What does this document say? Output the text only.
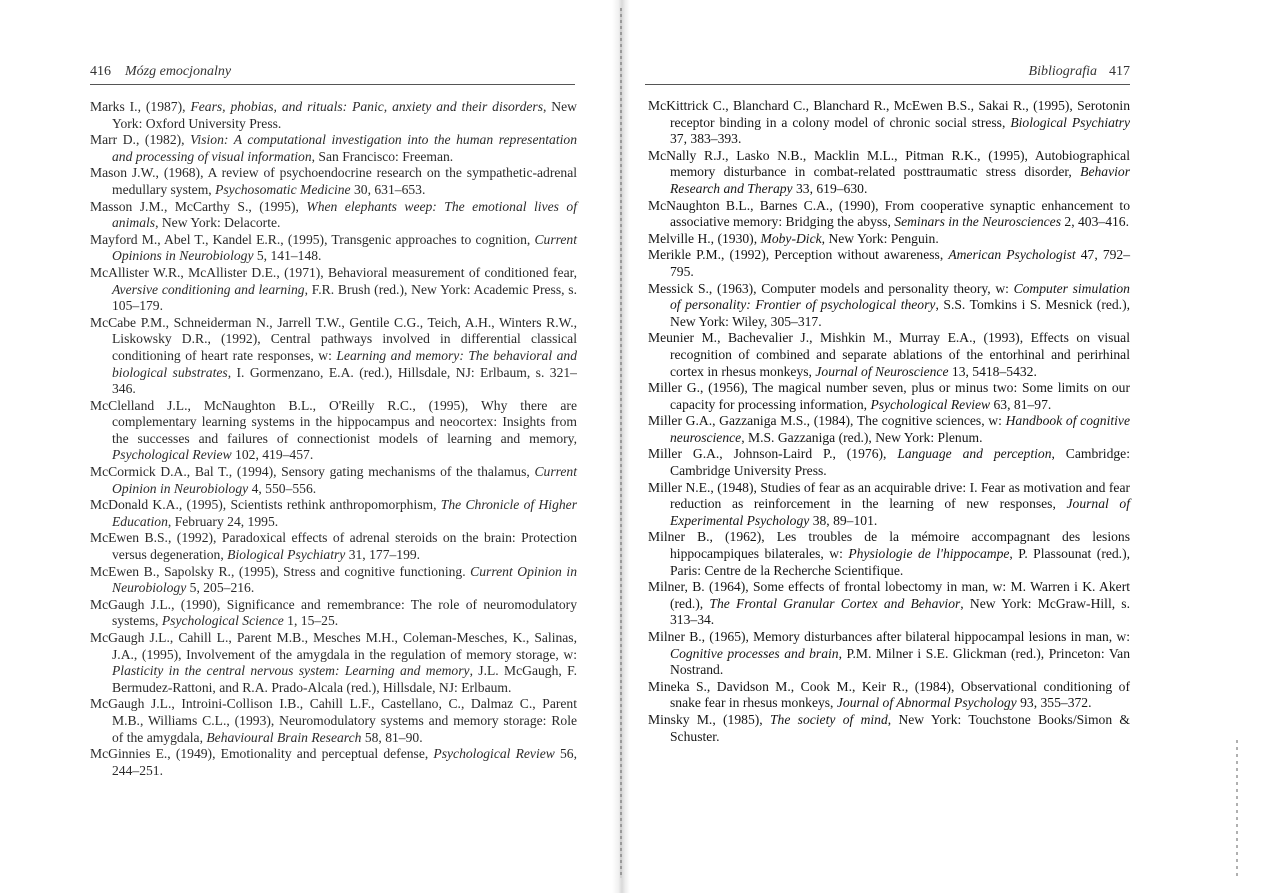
416 Mózg emocjonalny
Marks I., (1987), Fears, phobias, and rituals: Panic, anxiety and their disorders, New York: Oxford University Press.
Marr D., (1982), Vision: A computational investigation into the human representation and processing of visual information, San Francisco: Freeman.
Mason J.W., (1968), A review of psychoendocrine research on the sympathetic-adrenal medullary system, Psychosomatic Medicine 30, 631–653.
Masson J.M., McCarthy S., (1995), When elephants weep: The emotional lives of animals, New York: Delacorte.
Mayford M., Abel T., Kandel E.R., (1995), Transgenic approaches to cognition, Current Opinions in Neurobiology 5, 141–148.
McAllister W.R., McAllister D.E., (1971), Behavioral measurement of conditioned fear, Aversive conditioning and learning, F.R. Brush (red.), New York: Academic Press, s. 105–179.
McCabe P.M., Schneiderman N., Jarrell T.W., Gentile C.G., Teich, A.H., Winters R.W., Liskowsky D.R., (1992), Central pathways involved in differential classical conditioning of heart rate responses, w: Learning and memory: The behavioral and biological substrates, I. Gormenzano, E.A. (red.), Hillsdale, NJ: Erlbaum, s. 321–346.
McClelland J.L., McNaughton B.L., O'Reilly R.C., (1995), Why there are complementary learning systems in the hippocampus and neocortex: Insights from the successes and failures of connectionist models of learning and memory, Psychological Review 102, 419–457.
McCormick D.A., Bal T., (1994), Sensory gating mechanisms of the thalamus, Current Opinion in Neurobiology 4, 550–556.
McDonald K.A., (1995), Scientists rethink anthropomorphism, The Chronicle of Higher Education, February 24, 1995.
McEwen B.S., (1992), Paradoxical effects of adrenal steroids on the brain: Protection versus degeneration, Biological Psychiatry 31, 177–199.
McEwen B., Sapolsky R., (1995), Stress and cognitive functioning. Current Opinion in Neurobiology 5, 205–216.
McGaugh J.L., (1990), Significance and remembrance: The role of neuromodulatory systems, Psychological Science 1, 15–25.
McGaugh J.L., Cahill L., Parent M.B., Mesches M.H., Coleman-Mesches, K., Salinas, J.A., (1995), Involvement of the amygdala in the regulation of memory storage, w: Plasticity in the central nervous system: Learning and memory, J.L. McGaugh, F. Bermudez-Rattoni, and R.A. Prado-Alcala (red.), Hillsdale, NJ: Erlbaum.
McGaugh J.L., Introini-Collison I.B., Cahill L.F., Castellano, C., Dalmaz C., Parent M.B., Williams C.L., (1993), Neuromodulatory systems and memory storage: Role of the amygdala, Behavioural Brain Research 58, 81–90.
McGinnies E., (1949), Emotionality and perceptual defense, Psychological Review 56, 244–251.
Bibliografia 417
McKittrick C., Blanchard C., Blanchard R., McEwen B.S., Sakai R., (1995), Serotonin receptor binding in a colony model of chronic social stress, Biological Psychiatry 37, 383–393.
McNally R.J., Lasko N.B., Macklin M.L., Pitman R.K., (1995), Autobiographical memory disturbance in combat-related posttraumatic stress disorder, Behavior Research and Therapy 33, 619–630.
McNaughton B.L., Barnes C.A., (1990), From cooperative synaptic enhancement to associative memory: Bridging the abyss, Seminars in the Neurosciences 2, 403–416.
Melville H., (1930), Moby-Dick, New York: Penguin.
Merikle P.M., (1992), Perception without awareness, American Psychologist 47, 792–795.
Messick S., (1963), Computer models and personality theory, w: Computer simulation of personality: Frontier of psychological theory, S.S. Tomkins i S. Mesnick (red.), New York: Wiley, 305–317.
Meunier M., Bachevalier J., Mishkin M., Murray E.A., (1993), Effects on visual recognition of combined and separate ablations of the entorhinal and perirhinal cortex in rhesus monkeys, Journal of Neuroscience 13, 5418–5432.
Miller G., (1956), The magical number seven, plus or minus two: Some limits on our capacity for processing information, Psychological Review 63, 81–97.
Miller G.A., Gazzaniga M.S., (1984), The cognitive sciences, w: Handbook of cognitive neuroscience, M.S. Gazzaniga (red.), New York: Plenum.
Miller G.A., Johnson-Laird P., (1976), Language and perception, Cambridge: Cambridge University Press.
Miller N.E., (1948), Studies of fear as an acquirable drive: I. Fear as motivation and fear reduction as reinforcement in the learning of new responses, Journal of Experimental Psychology 38, 89–101.
Milner B., (1962), Les troubles de la mémoire accompagnant des lesions hippocampiques bilaterales, w: Physiologie de l'hippocampe, P. Plassounat (red.), Paris: Centre de la Recherche Scientifique.
Milner, B. (1964), Some effects of frontal lobectomy in man, w: M. Warren i K. Akert (red.), The Frontal Granular Cortex and Behavior, New York: McGraw-Hill, s. 313–34.
Milner B., (1965), Memory disturbances after bilateral hippocampal lesions in man, w: Cognitive processes and brain, P.M. Milner i S.E. Glickman (red.), Princeton: Van Nostrand.
Mineka S., Davidson M., Cook M., Keir R., (1984), Observational conditioning of snake fear in rhesus monkeys, Journal of Abnormal Psychology 93, 355–372.
Minsky M., (1985), The society of mind, New York: Touchstone Books/Simon & Schuster.
